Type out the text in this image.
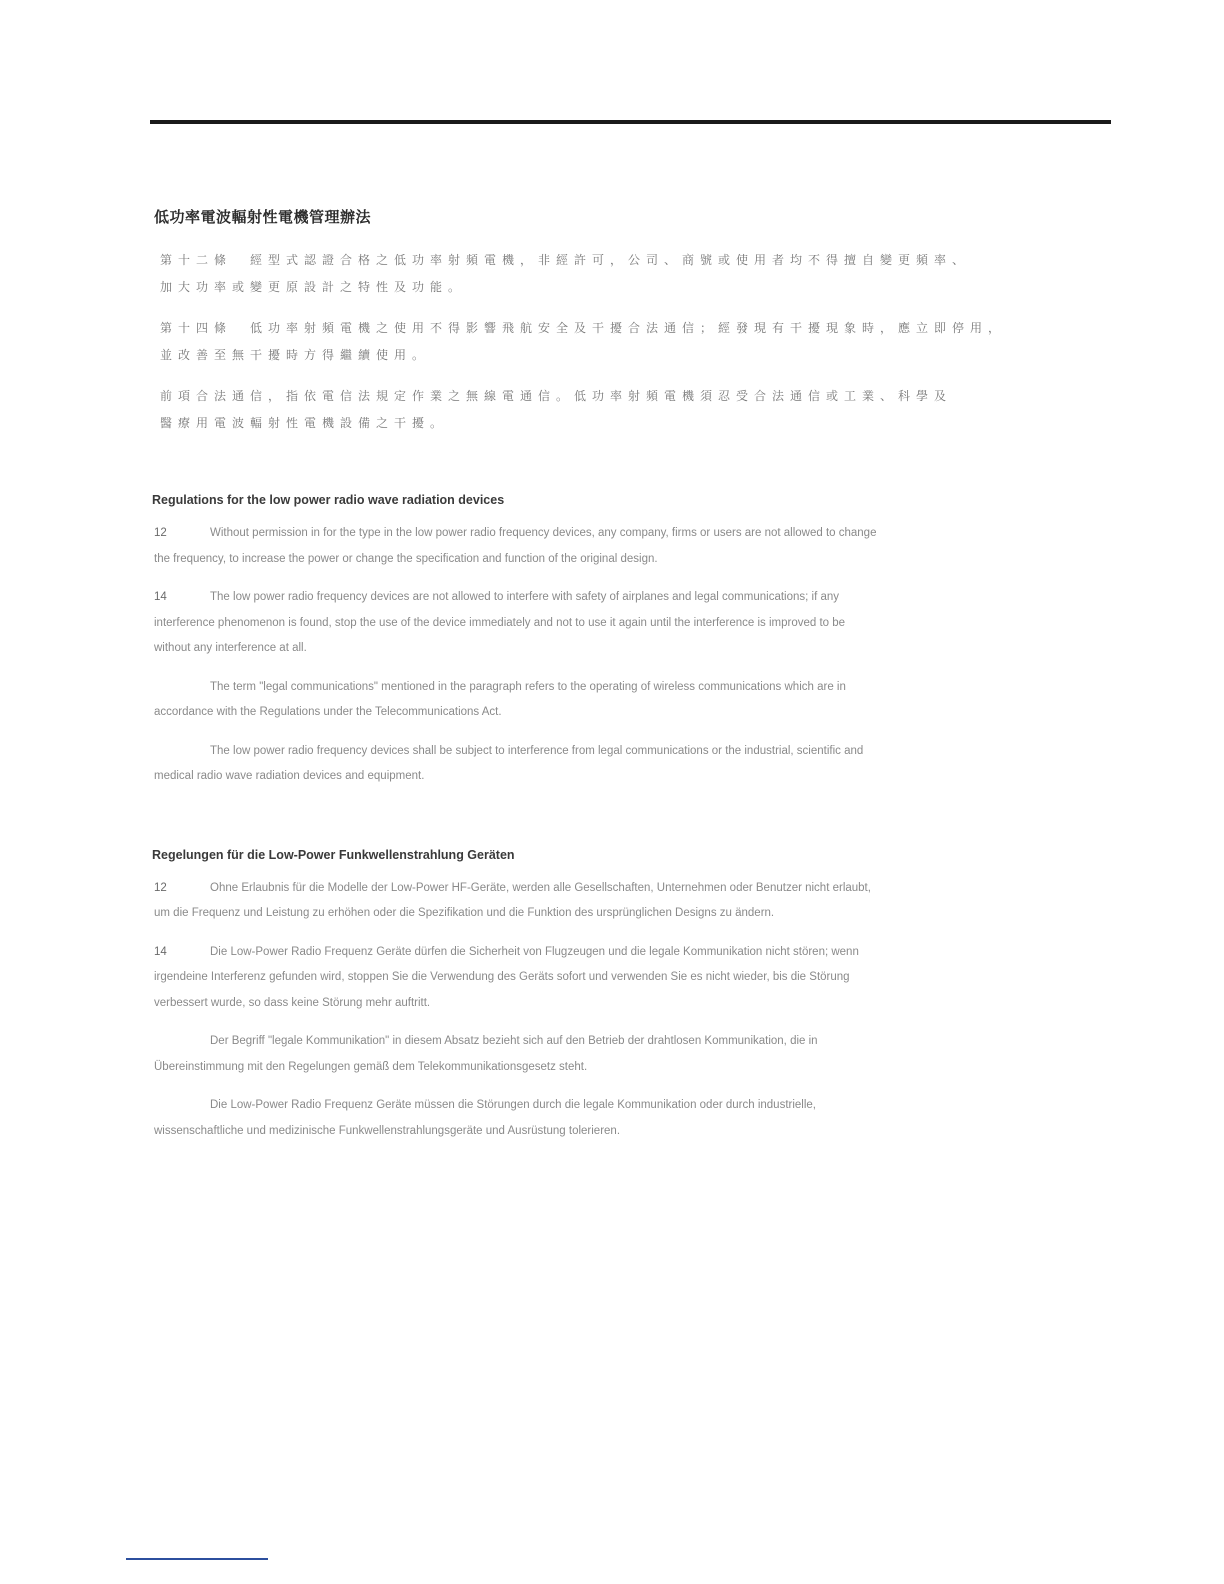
低功率電波輻射性電機管理辦法
第十二條　經型式認證合格之低功率射頻電機，非經許可，公司、商號或使用者均不得擅自變更頻率、
加大功率或變更原設計之特性及功能。
第十四條　低功率射頻電機之使用不得影響飛航安全及干擾合法通信；經發現有干擾現象時，應立即停用，
並改善至無干擾時方得繼續使用。
前項合法通信，指依電信法規定作業之無線電通信。低功率射頻電機須忍受合法通信或工業、科學及
醫療用電波輻射性電機設備之干擾。
Regulations for the low power radio wave radiation devices

12	Without permission in for the type in the low power radio frequency devices, any company, firms or users are not allowed to change the frequency, to increase the power or change the specification and function of the original design.

14	The low power radio frequency devices are not allowed to interfere with safety of airplanes and legal communications; if any interference phenomenon is found, stop the use of the device immediately and not to use it again until the interference is improved to be without any interference at all.

The term "legal communications" mentioned in the paragraph refers to the operating of wireless communications which are in accordance with the Regulations under the Telecommunications Act.

The low power radio frequency devices shall be subject to interference from legal communications or the industrial, scientific and medical radio wave radiation devices and equipment.

Regelungen für die Low-Power Funkwellenstrahlung Geräten

12	Ohne Erlaubnis für die Modelle der Low-Power HF-Geräte, werden alle Gesellschaften, Unternehmen oder Benutzer nicht erlaubt, um die Frequenz und Leistung zu erhöhen oder die Spezifikation und die Funktion des ursprünglichen Designs zu ändern.

14	Die Low-Power Radio Frequenz Geräte dürfen die Sicherheit von Flugzeugen und die legale Kommunikation nicht stören; wenn irgendeine Interferenz gefunden wird, stoppen Sie die Verwendung des Geräts sofort und verwenden Sie es nicht wieder, bis die Störung verbessert wurde, so dass keine Störung mehr auftritt.

Der Begriff "legale Kommunikation" in diesem Absatz bezieht sich auf den Betrieb der drahtlosen Kommunikation, die in Übereinstimmung mit den Regelungen gemäß dem Telekommunikationsgesetz steht.

Die Low-Power Radio Frequenz Geräte müssen die Störungen durch die legale Kommunikation oder durch industrielle, wissenschaftliche und medizinische Funkwellenstrahlungsgeräte und Ausrüstung tolerieren.
